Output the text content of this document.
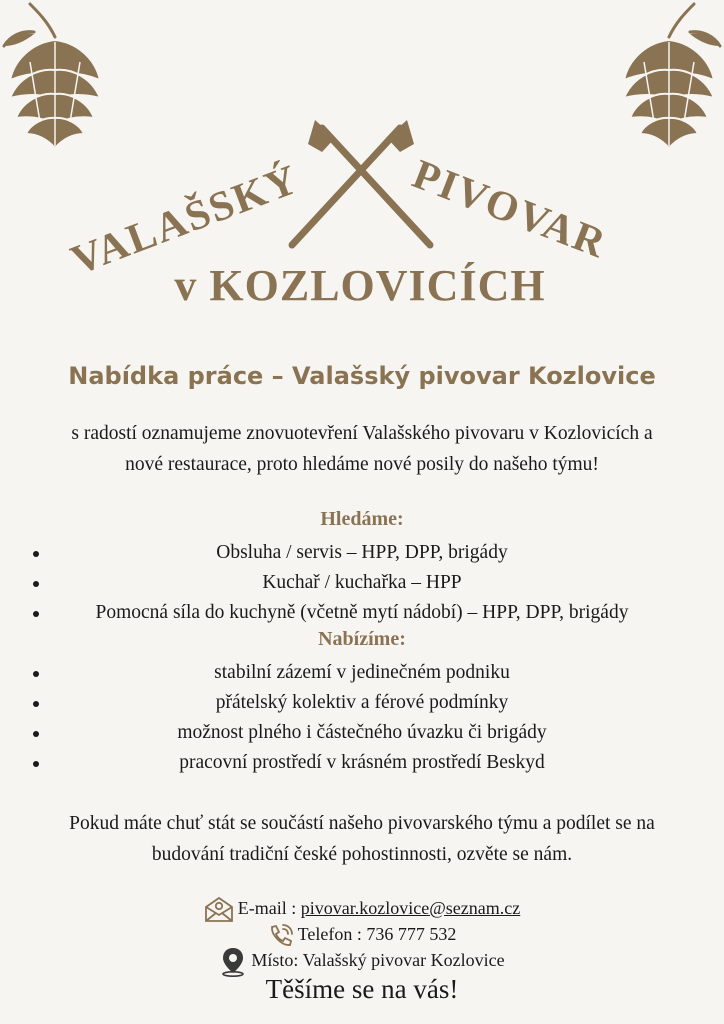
VALAŠSKÝ PIVOVAR
v KOZLOVICÍCH
Nabídka práce – Valašský pivovar Kozlovice

s radostí oznamujeme znovuotevření Valašského pivovaru v Kozlovicích a
nové restaurace, proto hledáme nové posily do našeho týmu!

Hledáme:
Obsluha / servis – HPP, DPP, brigády
Kuchař / kuchařka – HPP
Pomocná síla do kuchyně (včetně mytí nádobí) – HPP, DPP, brigády
Nabízíme:
stabilní zázemí v jedinečném podniku
přátelský kolektiv a férové podmínky
možnost plného i částečného úvazku či brigády
pracovní prostředí v krásném prostředí Beskyd

Pokud máte chuť stát se součástí našeho pivovarského týmu a podílet se na
budování tradiční české pohostinnosti, ozvěte se nám.

E-mail : pivovar.kozlovice@seznam.cz
Telefon : 736 777 532
Místo: Valašský pivovar Kozlovice

Těšíme se na vás!
